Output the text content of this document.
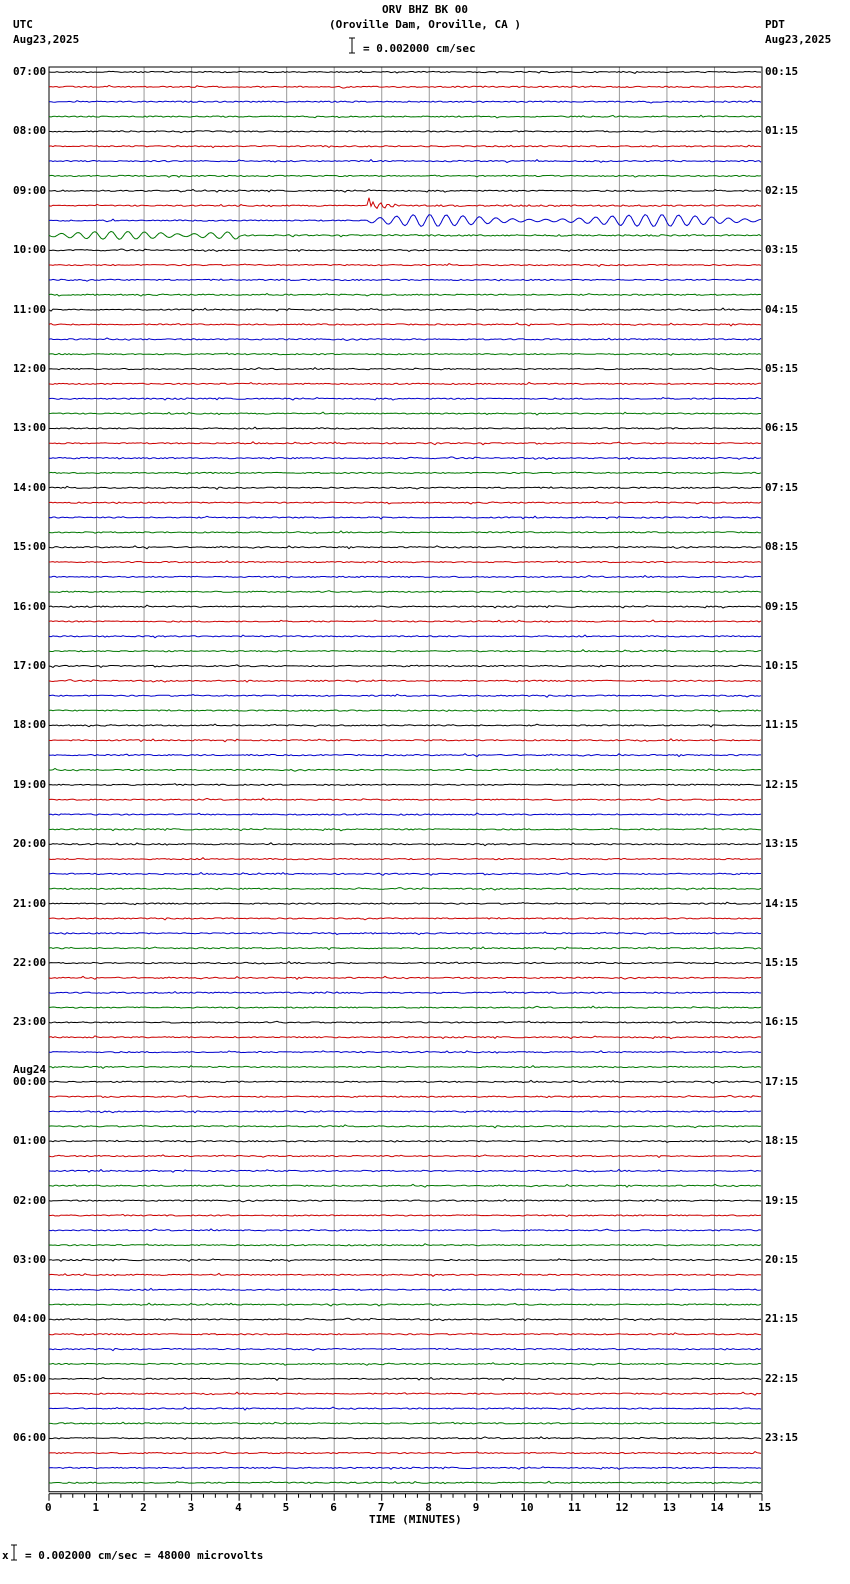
ORV BHZ BK 00
(Oroville Dam, Oroville, CA )
UTC
Aug23,2025
PDT
Aug23,2025
= 0.002000 cm/sec
0	1	2	3	4	5	6	7	8	9	10	11	12	13	14	15
TIME (MINUTES)
07:00
08:00
09:00
10:00
11:00
12:00
13:00
14:00
15:00
16:00
17:00
18:00
19:00
20:00
21:00
22:00
23:00
00:00
Aug24
01:00
02:00
03:00
04:00
05:00
06:00
00:15
01:15
02:15
03:15
04:15
05:15
06:15
07:15
08:15
09:15
10:15
11:15
12:15
13:15
14:15
15:15
16:15
17:15
18:15
19:15
20:15
21:15
22:15
23:15
x = 0.002000 cm/sec = 48000 microvolts
